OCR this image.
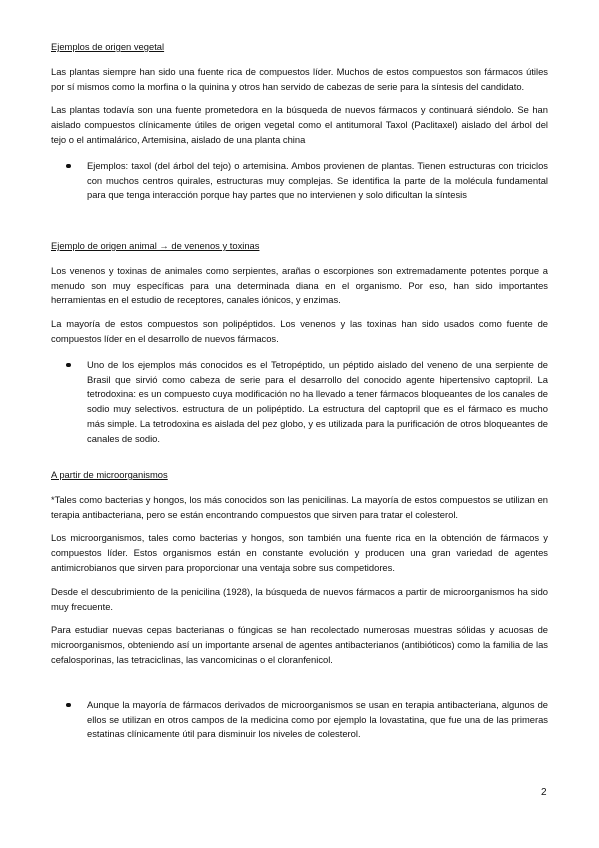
Ejemplos de origen vegetal

Las plantas siempre han sido una fuente rica de compuestos líder. Muchos de estos compuestos son fármacos útiles por sí mismos como la morfina o la quinina y otros han servido de cabezas de serie para la síntesis del candidato.

Las plantas todavía son una fuente prometedora en la búsqueda de nuevos fármacos y continuará siéndolo. Se han aislado compuestos clínicamente útiles de origen vegetal como el antitumoral Taxol (Paclitaxel) aislado del árbol del tejo o el antimalárico, Artemisina, aislado de una planta china

Ejemplos: taxol (del árbol del tejo) o artemisina. Ambos provienen de plantas. Tienen estructuras con triciclos con muchos centros quirales, estructuras muy complejas. Se identifica la parte de la molécula fundamental para que tenga interacción porque hay partes que no intervienen y solo dificultan la síntesis
Ejemplo de origen animal → de venenos y toxinas

Los venenos y toxinas de animales como serpientes, arañas o escorpiones son extremadamente potentes porque a menudo son muy específicas para una determinada diana en el organismo. Por eso, han sido importantes herramientas en el estudio de receptores, canales iónicos, y enzimas.

La mayoría de estos compuestos son polipéptidos. Los venenos y las toxinas han sido usados como fuente de compuestos líder en el desarrollo de nuevos fármacos.

Uno de los ejemplos más conocidos es el Tetropéptido, un péptido aislado del veneno de una serpiente de Brasil que sirvió como cabeza de serie para el desarrollo del conocido agente hipertensivo captopril. La tetrodoxina: es un compuesto cuya modificación no ha llevado a tener fármacos bloqueantes de los canales de sodio muy selectivos. estructura de un polipéptido. La estructura del captopril que es el fármaco es mucho más simple. La tetrodoxina es aislada del pez globo, y es utilizada para la purificación de otros bloqueantes de canales de sodio.
A partir de microorganismos

*Tales como bacterias y hongos, los más conocidos son las penicilinas. La mayoría de estos compuestos se utilizan en terapia antibacteriana, pero se están encontrando compuestos que sirven para tratar el colesterol.

Los microorganismos, tales como bacterias y hongos, son también una fuente rica en la obtención de fármacos y compuestos líder. Estos organismos están en constante evolución y producen una gran variedad de agentes antimicrobianos que sirven para proporcionar una ventaja sobre sus competidores.

Desde el descubrimiento de la penicilina (1928), la búsqueda de nuevos fármacos a partir de microorganismos ha sido muy frecuente.

Para estudiar nuevas cepas bacterianas o fúngicas se han recolectado numerosas muestras sólidas y acuosas de microorganismos, obteniendo así un importante arsenal de agentes antibacterianos (antibióticos) como la familia de las cefalosporinas, las tetraciclinas, las vancomicinas o el cloranfenicol.

Aunque la mayoría de fármacos derivados de microorganismos se usan en terapia antibacteriana, algunos de ellos se utilizan en otros campos de la medicina como por ejemplo la lovastatina, que fue una de las primeras estatinas clínicamente útil para disminuir los niveles de colesterol.
2
